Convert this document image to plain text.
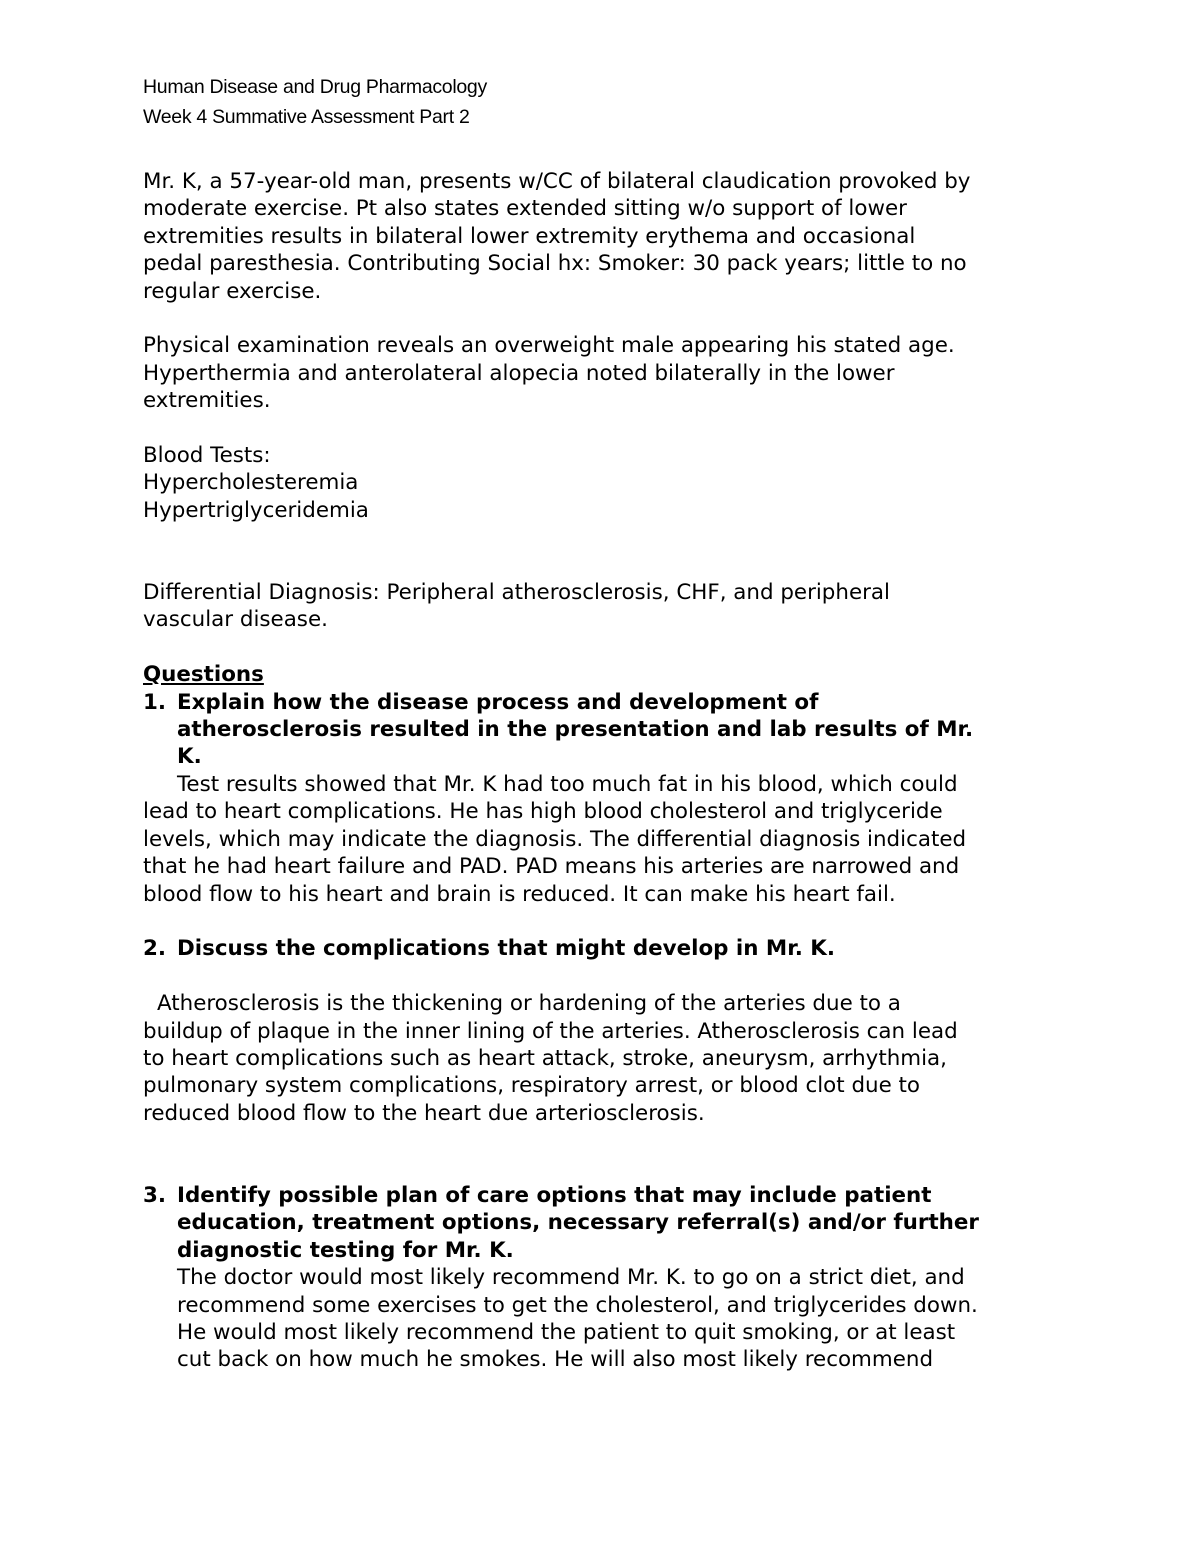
Human Disease and Drug Pharmacology
Week 4 Summative Assessment Part 2

Mr. K, a 57-year-old man, presents w/CC of bilateral claudication provoked by

moderate exercise. Pt also states extended sitting w/o support of lower

extremities results in bilateral lower extremity erythema and occasional

pedal paresthesia. Contributing Social hx: Smoker: 30 pack years; little to no

regular exercise.

Physical examination reveals an overweight male appearing his stated age.

Hyperthermia and anterolateral alopecia noted bilaterally in the lower

extremities.

Blood Tests:

Hypercholesteremia

Hypertriglyceridemia

Differential Diagnosis: Peripheral atherosclerosis, CHF, and peripheral

vascular disease.

Questions

1. Explain how the disease process and development of

atherosclerosis resulted in the presentation and lab results of Mr.

K.

Test results showed that Mr. K had too much fat in his blood, which could

lead to heart complications. He has high blood cholesterol and triglyceride

levels, which may indicate the diagnosis. The differential diagnosis indicated

that he had heart failure and PAD. PAD means his arteries are narrowed and

blood flow to his heart and brain is reduced. It can make his heart fail.

2. Discuss the complications that might develop in Mr. K.

Atherosclerosis is the thickening or hardening of the arteries due to a

buildup of plaque in the inner lining of the arteries. Atherosclerosis can lead

to heart complications such as heart attack, stroke, aneurysm, arrhythmia,

pulmonary system complications, respiratory arrest, or blood clot due to

reduced blood flow to the heart due arteriosclerosis.

3. Identify possible plan of care options that may include patient

education, treatment options, necessary referral(s) and/or further

diagnostic testing for Mr. K.

The doctor would most likely recommend Mr. K. to go on a strict diet, and

recommend some exercises to get the cholesterol, and triglycerides down.

He would most likely recommend the patient to quit smoking, or at least

cut back on how much he smokes. He will also most likely recommend
